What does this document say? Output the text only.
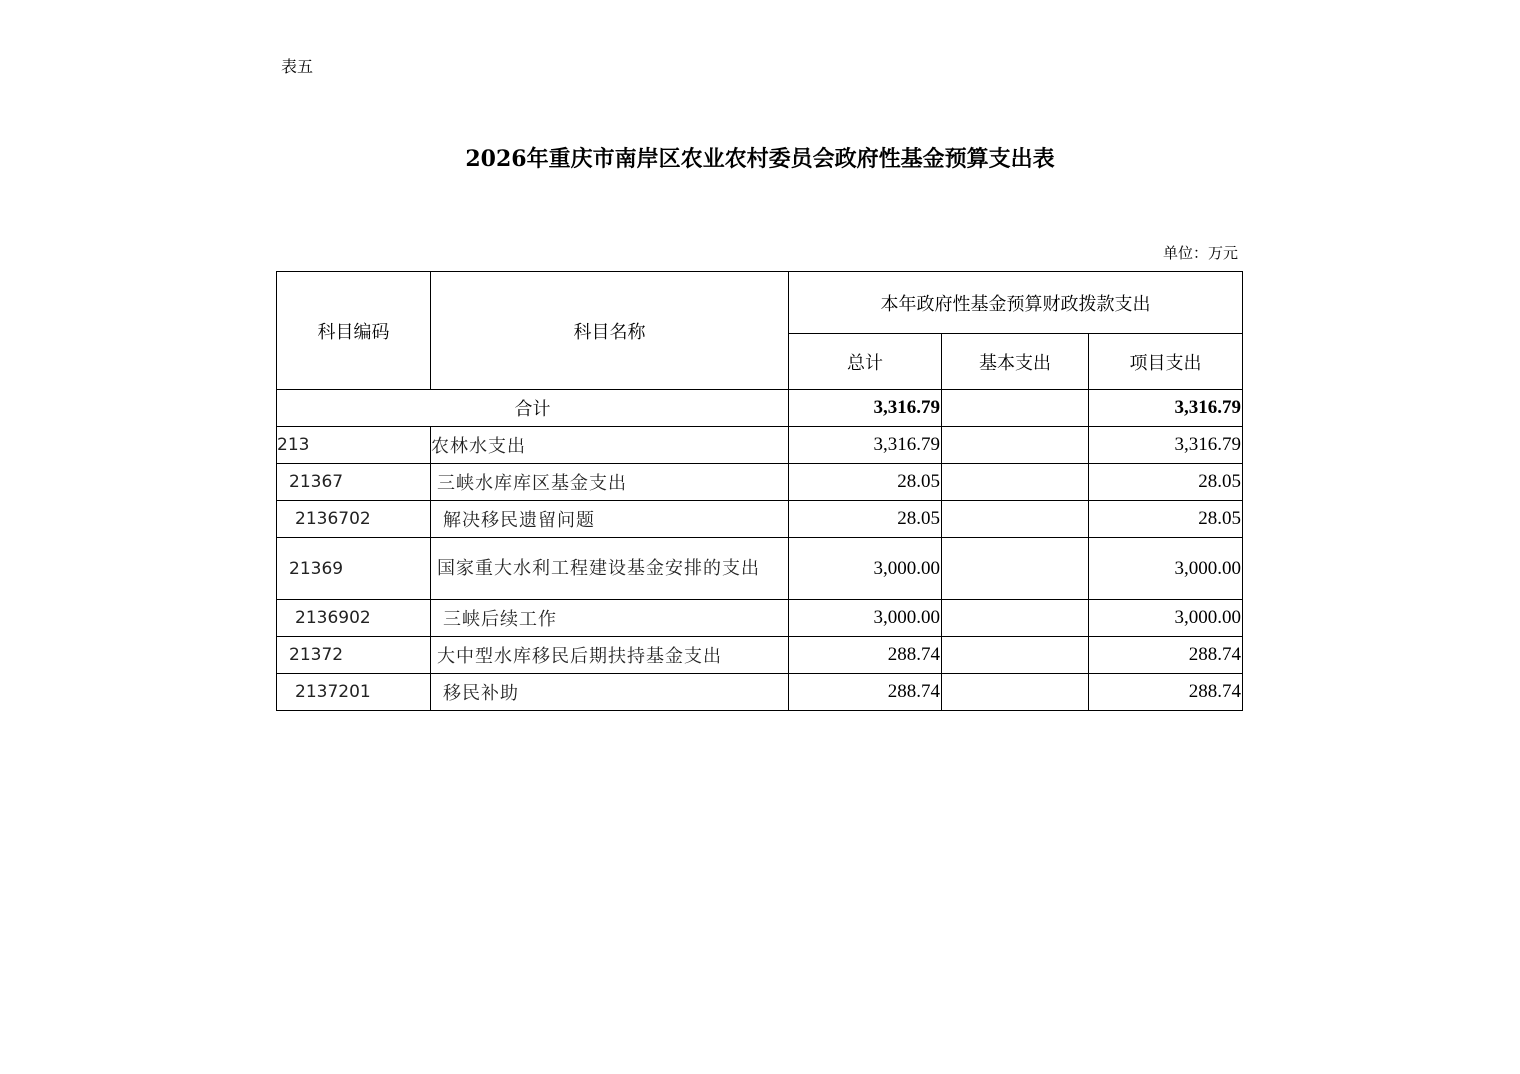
表五
2026年重庆市南岸区农业农村委员会政府性基金预算支出表
单位：万元
科目编码	科目名称	本年政府性基金预算财政拨款支出		
		总计	基本支出	项目支出
合计		3,316.79		3,316.79
213	农林水支出	3,316.79		3,316.79
21367	三峡水库库区基金支出	28.05		28.05
2136702	解决移民遗留问题	28.05		28.05
21369	国家重大水利工程建设基金安排的支出	3,000.00		3,000.00
2136902	三峡后续工作	3,000.00		3,000.00
21372	大中型水库移民后期扶持基金支出	288.74		288.74
2137201	移民补助	288.74		288.74
